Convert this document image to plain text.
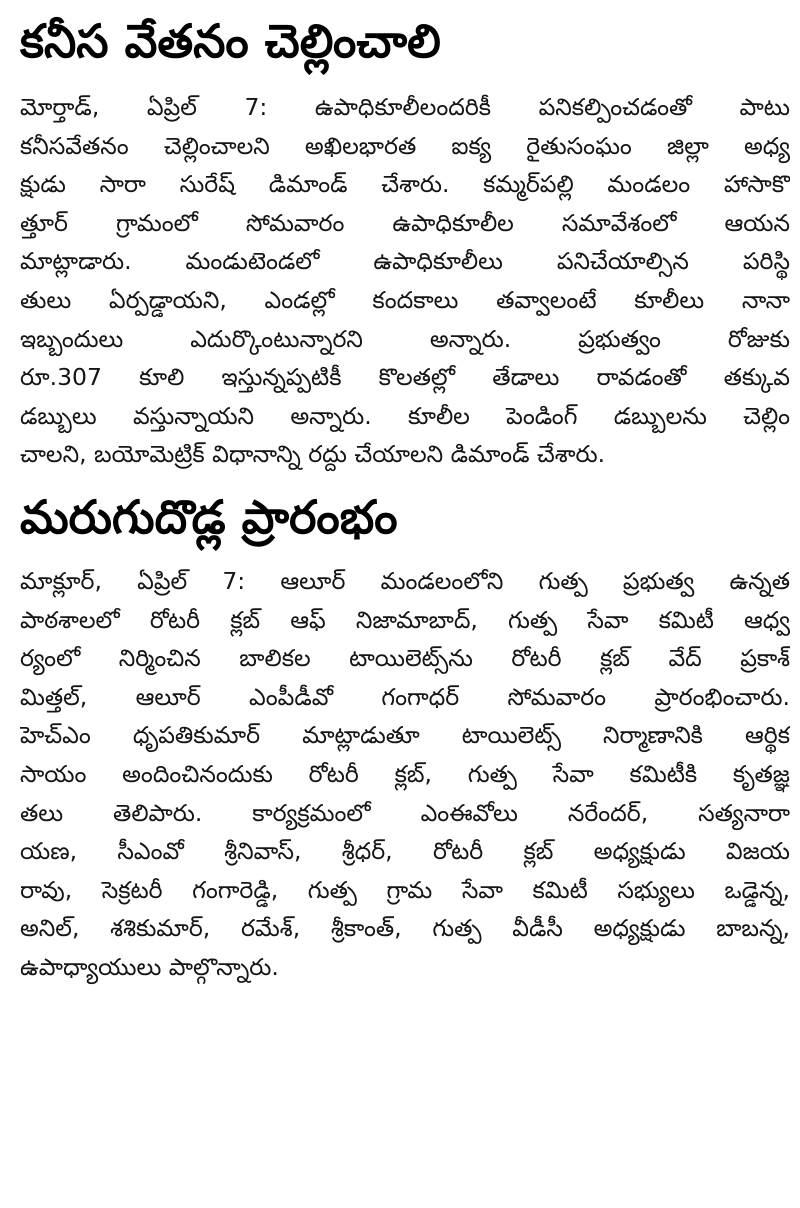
కనీస వేతనం చెల్లించాలి
మోర్తాడ్, ఏప్రిల్ 7: ఉపాధికూలీలందరికీ పనికల్పించడంతో పాటు
కనీసవేతనం చెల్లించాలని అఖిలభారత ఐక్య రైతుసంఘం జిల్లా అధ్య
క్షుడు సారా సురేష్ డిమాండ్ చేశారు. కమ్మర్‌పల్లి మండలం హాసాకొ
త్తూర్ గ్రామంలో సోమవారం ఉపాధికూలీల సమావేశంలో ఆయన
మాట్లాడారు. మండుటెండలో ఉపాధికూలీలు పనిచేయాల్సిన పరిస్థి
తులు ఏర్పడ్డాయని, ఎండల్లో కందకాలు తవ్వాలంటే కూలీలు నానా
ఇబ్బందులు ఎదుర్కొంటున్నారని అన్నారు. ప్రభుత్వం రోజుకు
రూ.307 కూలి ఇస్తున్నప్పటికీ కొలతల్లో తేడాలు రావడంతో తక్కువ
డబ్బులు వస్తున్నాయని అన్నారు. కూలీల పెండింగ్ డబ్బులను చెల్లిం
చాలని, బయోమెట్రిక్ విధానాన్ని రద్దు చేయాలని డిమాండ్ చేశారు.
మరుగుదొడ్ల ప్రారంభం
మాక్లూర్, ఏప్రిల్ 7: ఆలూర్ మండలంలోని గుత్ప ప్రభుత్వ ఉన్నత
పాఠశాలలో రోటరీ క్లబ్ ఆఫ్ నిజామాబాద్, గుత్ప సేవా కమిటీ ఆధ్వ
ర్యంలో నిర్మించిన బాలికల టాయిలెట్స్‌ను రోటరీ క్లబ్ వేద్ ప్రకాశ్
మిత్తల్, ఆలూర్ ఎంపీడీవో గంగాధర్ సోమవారం ప్రారంభించారు.
హెచ్‌ఎం ధృపతికుమార్ మాట్లాడుతూ టాయిలెట్స్ నిర్మాణానికి ఆర్థిక
సాయం అందించినందుకు రోటరీ క్లబ్, గుత్ప సేవా కమిటీకి కృతజ్ఞ
తలు తెలిపారు. కార్యక్రమంలో ఎంఈవోలు నరేందర్, సత్యనారా
యణ, సీఎంవో శ్రీనివాస్, శ్రీధర్, రోటరీ క్లబ్ అధ్యక్షుడు విజయ
రావు, సెక్రటరీ గంగారెడ్డి, గుత్ప గ్రామ సేవా కమిటీ సభ్యులు ఒడ్డెన్న,
అనిల్, శశికుమార్, రమేశ్, శ్రీకాంత్, గుత్ప వీడీసీ అధ్యక్షుడు బాబన్న,
ఉపాధ్యాయులు పాల్గొన్నారు.
